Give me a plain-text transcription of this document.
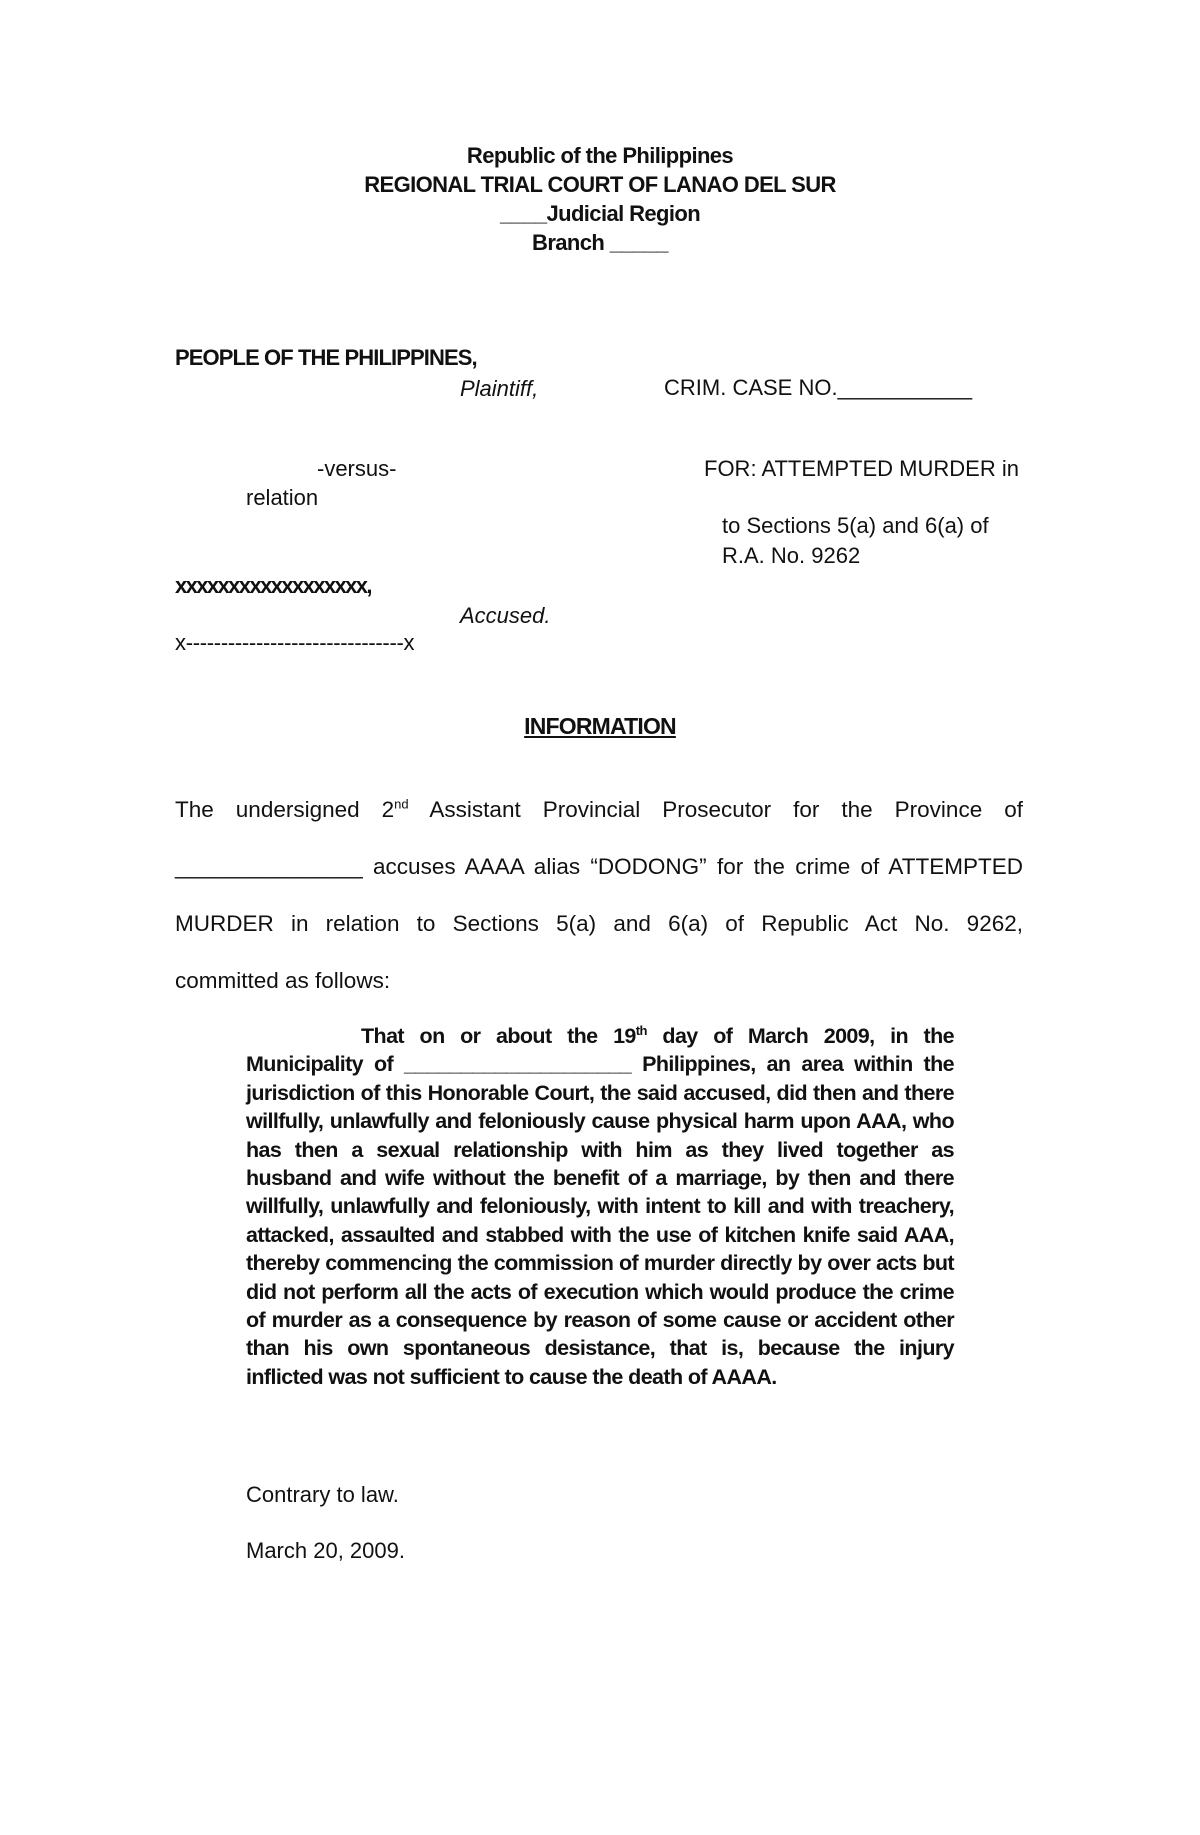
Republic of the Philippines
REGIONAL TRIAL COURT OF LANAO DEL SUR
____Judicial Region
Branch _____
PEOPLE OF THE PHILIPPINES,
Plaintiff,	CRIM. CASE NO.___________
-versus-
relation
FOR: ATTEMPTED MURDER in
to Sections 5(a) and 6(a) of
R.A. No. 9262
xxxxxxxxxxxxxxxxxx,
Accused.
x-------------------------------x
INFORMATION
The undersigned 2nd Assistant Provincial Prosecutor for the Province of
_______________ accuses AAAA alias “DODONG” for the crime of ATTEMPTED
MURDER in relation to Sections 5(a) and 6(a) of Republic Act No. 9262,
committed as follows:
That on or about the 19th day of March 2009, in the Municipality of ____________________ Philippines, an area within the jurisdiction of this Honorable Court, the said accused, did then and there willfully, unlawfully and feloniously cause physical harm upon AAA, who has then a sexual relationship with him as they lived together as husband and wife without the benefit of a marriage, by then and there willfully, unlawfully and feloniously, with intent to kill and with treachery, attacked, assaulted and stabbed with the use of kitchen knife said AAA, thereby commencing the commission of murder directly by over acts but did not perform all the acts of execution which would produce the crime of murder as a consequence by reason of some cause or accident other than his own spontaneous desistance, that is, because the injury inflicted was not sufficient to cause the death of AAAA.
Contrary to law.
March 20, 2009.
